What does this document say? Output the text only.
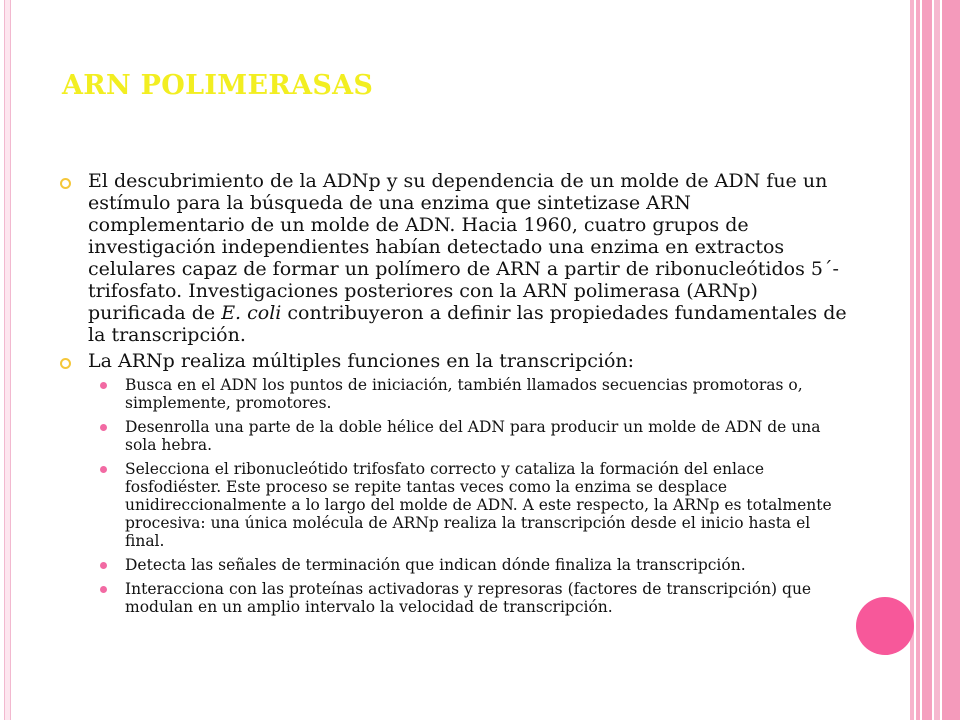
ARN POLIMERASAS
El descubrimiento de la ADNp y su dependencia de un molde de ADN fue un estímulo para la búsqueda de una enzima que sintetizase ARN complementario de un molde de ADN. Hacia 1960, cuatro grupos de investigación independientes habían detectado una enzima en extractos celulares capaz de formar un polímero de ARN a partir de ribonucleótidos 5´-trifosfato. Investigaciones posteriores con la ARN polimerasa (ARNp) purificada de E. coli contribuyeron a definir las propiedades fundamentales de la transcripción.
La ARNp realiza múltiples funciones en la transcripción:
Busca en el ADN los puntos de iniciación, también llamados secuencias promotoras o, simplemente, promotores.
Desenrolla una parte de la doble hélice del ADN para producir un molde de ADN de una sola hebra.
Selecciona el ribonucleótido trifosfato correcto y cataliza la formación del enlace fosfodiéster. Este proceso se repite tantas veces como la enzima se desplace unidireccionalmente a lo largo del molde de ADN. A este respecto, la ARNp es totalmente procesiva: una única molécula de ARNp realiza la transcripción desde el inicio hasta el final.
Detecta las señales de terminación que indican dónde finaliza la transcripción.
Interacciona con las proteínas activadoras y represoras (factores de transcripción) que modulan en un amplio intervalo la velocidad de transcripción.
